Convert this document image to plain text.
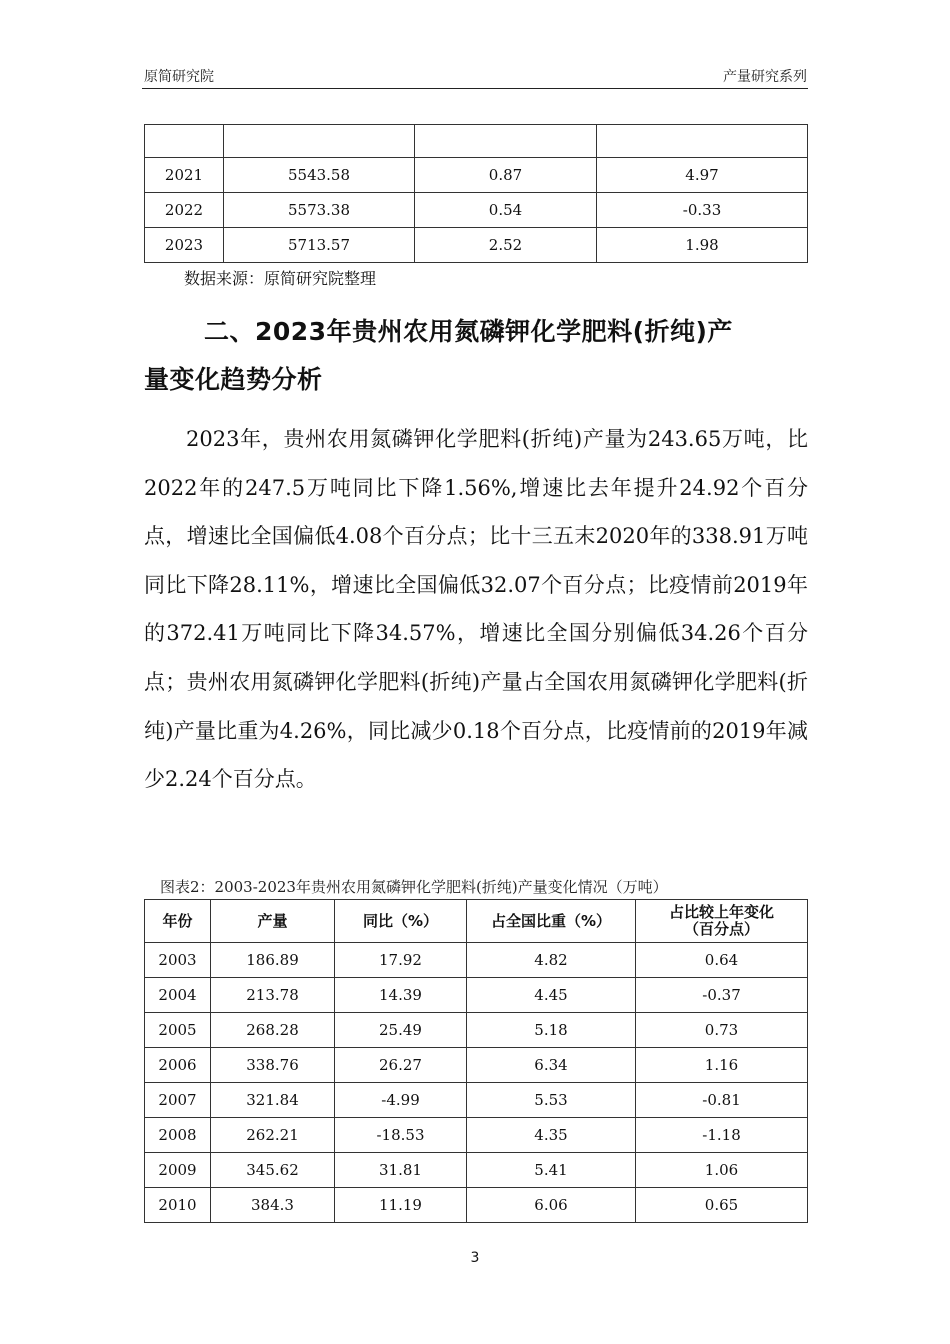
原简研究院	产量研究系列

2021	5543.58	0.87	4.97
2022	5573.38	0.54	-0.33
2023	5713.57	2.52	1.98
数据来源：原简研究院整理
二、2023年贵州农用氮磷钾化学肥料(折纯)产
量变化趋势分析
2023年，贵州农用氮磷钾化学肥料(折纯)产量为243.65万吨，比2022年的247.5万吨同比下降1.56%,增速比去年提升24.92个百分点，增速比全国偏低4.08个百分点；比十三五末2020年的338.91万吨同比下降28.11%，增速比全国偏低32.07个百分点；比疫情前2019年的372.41万吨同比下降34.57%，增速比全国分别偏低34.26个百分点；贵州农用氮磷钾化学肥料(折纯)产量占全国农用氮磷钾化学肥料(折纯)产量比重为4.26%，同比减少0.18个百分点，比疫情前的2019年减少2.24个百分点。
图表2：2003-2023年贵州农用氮磷钾化学肥料(折纯)产量变化情况（万吨）
年份	产量	同比（%）	占全国比重（%）	占比较上年变化
（百分点）

2003	186.89	17.92	4.82	0.64
2004	213.78	14.39	4.45	-0.37
2005	268.28	25.49	5.18	0.73
2006	338.76	26.27	6.34	1.16
2007	321.84	-4.99	5.53	-0.81
2008	262.21	-18.53	4.35	-1.18
2009	345.62	31.81	5.41	1.06
2010	384.3	11.19	6.06	0.65
3
